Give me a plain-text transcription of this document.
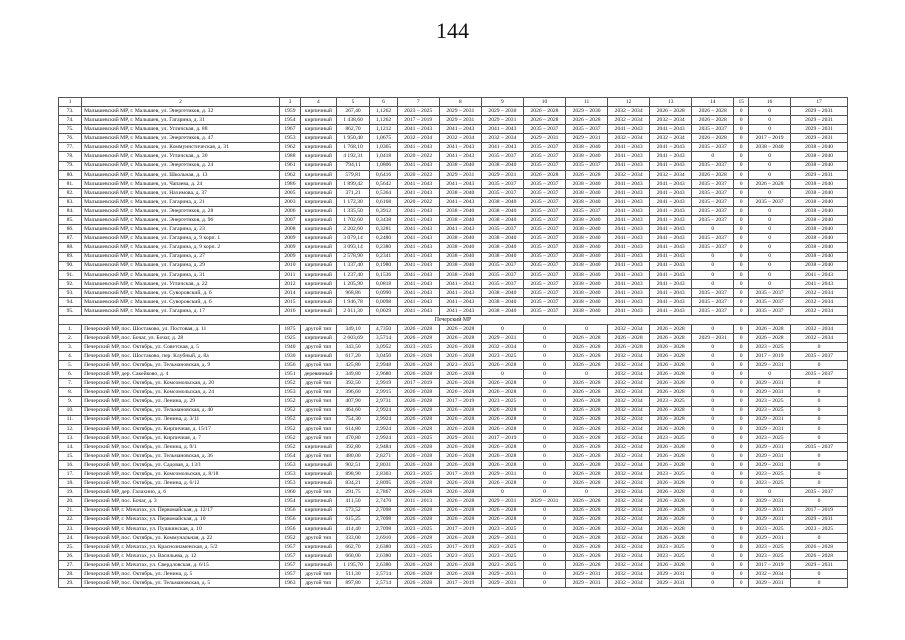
144
1	2	3	4	5	6	7	8	9	10	11	12	13	14	15	16	17
73.	Малышевский МР, г. Малышев, ул. Энергетиков, д. 32	1959	кирпичный	267,40	1,1262	2023 – 2025	2029 – 2031	2029 – 2030	2026 – 2028	2029 – 2030	2032 – 2034	2026 – 2028	2026 – 2028	0	0	2029 – 2031
74.	Малышевский МР, г. Малышев, ул. Гагарина, д. 31	1954	кирпичный	1 438,60	1,1262	2017 – 2019	2029 – 2031	2029 – 2031	2026 – 2028	2026 – 2028	2032 – 2034	2032 – 2034	2026 – 2028	0	0	2029 – 2031
75.	Малышевский МР, г. Малышев, ул. Угличская, д. 88	1967	кирпичный	862,70	1,1212	2041 – 2043	2041 – 2043	2041 – 2043	2035 – 2037	2035 – 2037	2041 – 2043	2041 – 2043	2035 – 2037	0	0	2029 – 2031
76.	Малышевский МР, г. Малышев, ул. Энергетиков, д. 47	1953	кирпичный	1 950,40	1,0675	2032 – 2034	2032 – 2034	2032 – 2034	2029 – 2031	2029 – 2031	2032 – 2034	2032 – 2034	2026 – 2028	0	2017 – 2019	2029 – 2031
77.	Малышевский МР, г. Малышев, ул. Коммунистическая, д. 31	1962	кирпичный	1 768,10	1,0365	2041 – 2043	2041 – 2043	2041 – 2043	2035 – 2037	2038 – 2040	2041 – 2043	2041 – 2043	2035 – 2037	0	2038 – 2040	2038 – 2040
78.	Малышевский МР, г. Малышев, ул. Угличская, д. 30	1988	кирпичный	4 192,31	1,0418	2020 – 2022	2041 – 2043	2035 – 2037	2035 – 2037	2038 – 2040	2041 – 2043	2041 – 2043	0	0	0	2038 – 2040
79.	Малышевский МР, г. Малышев, ул. Энергетиков, д. 24	1961	кирпичный	794,11	1,0806	2041 – 2043	2038 – 2040	2038 – 2040	2035 – 2037	2035 – 2037	2041 – 2043	2041 – 2043	2035 – 2037	0	0	2038 – 2040
80.	Малышевский МР, г. Малышев, ул. Школьная, д. 13	1962	кирпичный	579,81	0,6416	2020 – 2022	2029 – 2031	2029 – 2031	2026 – 2028	2026 – 2028	2032 – 2034	2032 – 2034	2026 – 2028	0	0	2029 – 2031
81.	Малышевский МР, г. Малышев, ул. Чапаева, д. 24	1986	кирпичный	1 899,42	0,5642	2041 – 2043	2041 – 2043	2035 – 2037	2035 – 2037	2038 – 2040	2041 – 2043	2041 – 2043	2035 – 2037	0	2026 – 2028	2038 – 2040
82.	Малышевский МР, г. Малышев, ул. Нахимова, д. 37	2005	кирпичный	371,21	0,5364	2041 – 2043	2038 – 2040	2035 – 2037	2035 – 2037	2038 – 2040	2041 – 2043	2041 – 2043	2035 – 2037	0	0	2038 – 2040
83.	Малышевский МР, г. Малышев, ул. Гагарина, д. 21	2003	кирпичный	1 172,30	0,6168	2020 – 2022	2041 – 2043	2038 – 2040	2035 – 2037	2038 – 2040	2041 – 2043	2041 – 2043	2035 – 2037	0	2035 – 2037	2038 – 2040
84.	Малышевский МР, г. Малышев, ул. Энергетиков, д. 28	2006	кирпичный	1 335,50	0,3912	2041 – 2043	2038 – 2040	2038 – 2040	2035 – 2037	2035 – 2037	2041 – 2043	2041 – 2043	2035 – 2037	0	0	2038 – 2040
85.	Малышевский МР, г. Малышев, ул. Энергетиков, д. 96	2007	кирпичный	1 702,60	0,3438	2041 – 2043	2038 – 2040	2038 – 2040	2035 – 2037	2038 – 2040	2041 – 2043	2041 – 2043	2035 – 2037	0	0	2038 – 2040
86.	Малышевский МР, г. Малышев, ул. Гагарина, д. 23	2008	кирпичный	2 202,60	0,3281	2041 – 2043	2041 – 2043	2035 – 2037	2035 – 2037	2038 – 2040	2041 – 2043	2041 – 2043	0	0	0	2038 – 2040
87.	Малышевский МР, г. Малышев, ул. Гагарина, д. 9 корп. 1	2009	кирпичный	3 079,14	0,2480	2041 – 2043	2038 – 2040	2038 – 2040	2035 – 2037	2038 – 2040	2041 – 2043	2041 – 2043	2035 – 2037	0	0	2038 – 2040
88.	Малышевский МР, г. Малышев, ул. Гагарина, д. 9 корп. 2	2009	кирпичный	3 093,14	0,2380	2041 – 2043	2038 – 2040	2038 – 2040	2035 – 2037	2038 – 2040	2041 – 2043	2041 – 2043	2035 – 2037	0	0	2038 – 2040
89.	Малышевский МР, г. Малышев, ул. Гагарина, д. 27	2009	кирпичный	2 578,90	0,2341	2041 – 2043	2038 – 2040	2038 – 2040	2035 – 2037	2038 – 2040	2041 – 2043	2041 – 2043	0	0	0	2038 – 2040
90.	Малышевский МР, г. Малышев, ул. Гагарина, д. 29	2010	кирпичный	1 337,40	0,1980	2041 – 2043	2038 – 2040	2035 – 2037	2035 – 2037	2038 – 2040	2041 – 2043	2041 – 2043	0	0	0	2038 – 2040
91.	Малышевский МР, г. Малышев, ул. Гагарина, д. 31	2011	кирпичный	1 237,40	0,1536	2041 – 2043	2038 – 2040	2035 – 2037	2035 – 2037	2038 – 2040	2041 – 2043	2041 – 2043	0	0	0	2041 – 2043
92.	Малышевский МР, г. Малышев, ул. Угличская, д. 22	2012	кирпичный	1 205,90	0,0818	2041 – 2043	2041 – 2043	2035 – 2037	2035 – 2037	2038 – 2040	2041 – 2043	2041 – 2043	0	0	0	2041 – 2043
93.	Малышевский МР, г. Малышев, ул. Суворовский, д. 6	2014	кирпичный	968,86	0,0990	2041 – 2043	2041 – 2043	2038 – 2040	2035 – 2037	2038 – 2040	2041 – 2043	2041 – 2043	2035 – 2037	0	2035 – 2037	2032 – 2034
94.	Малышевский МР, г. Малышев, ул. Суворовский, д. 6	2015	кирпичный	1 946,78	0,0098	2041 – 2043	2041 – 2043	2038 – 2040	2035 – 2037	2038 – 2040	2041 – 2043	2041 – 2043	2035 – 2037	0	2035 – 2037	2032 – 2034
95.	Малышевский МР, г. Малышев, ул. Гагарина, д. 17	2016	кирпичный	2 011,30	0,0029	2041 – 2043	2041 – 2043	2038 – 2040	2035 – 2037	2038 – 2040	2041 – 2043	2041 – 2043	2035 – 2037	0	2035 – 2037	2032 – 2034
Печерский МР																
1.	Печерский МР, пос. Шостаково, ул. Постовая, д. 11	1875	другой тип	349,10	4,7350	2026 – 2028	2026 – 2028	0	0	0	2032 – 2034	2026 – 2028	0	0	2026 – 2028	2032 – 2034
2.	Печерский МР, пос. Бочаг, ул. Бочаг, д. 28	1925	кирпичный	2 603,69	3,5714	2026 – 2028	2026 – 2028	2029 – 2031	0	2026 – 2028	2026 – 2028	2026 – 2028	2029 – 2031	0	2026 – 2028	2032 – 2034
3.	Печерский МР, пос. Октябрь, ул. Советская, д. 5	1940	другой тип	343,50	3,0952	2023 – 2025	2026 – 2028	2032 – 2034	0	2026 – 2028	2026 – 2028	2026 – 2028	0	0	2023 – 2025	0
4.	Печерский МР, пос. Шостаково, пер. Клубный, д. 8а	1930	кирпичный	617,20	3,0450	2026 – 2028	2026 – 2028	2023 – 2025	0	2026 – 2028	2032 – 2034	2026 – 2028	0	0	2017 – 2019	2035 – 2037
5.	Печерский МР, пос. Октябрь, ул. Тельмановская, д. 9	1956	другой тип	425,80	2,9948	2026 – 2028	2023 – 2025	2026 – 2028	0	2026 – 2028	2032 – 2034	2026 – 2028	0	0	2029 – 2031	0
6.	Печерский МР, дер. Сакейково, д. 4	1951	деревянный	349,80	2,9680	2026 – 2028	2026 – 2028	0	0	0	2032 – 2034	2026 – 2028	0	0	0	2035 – 2037
7.	Печерский МР, пос. Октябрь, ул. Комсомольская, д. 20	1952	другой тип	392,50	2,9919	2017 – 2019	2026 – 2028	2026 – 2028	0	2026 – 2028	2032 – 2034	2026 – 2028	0	0	2029 – 2031	0
8.	Печерский МР, пос. Октябрь, ул. Комсомольская, д. 24	1953	другой тип	396,60	2,9915	2026 – 2028	2026 – 2028	2026 – 2028	0	2026 – 2028	2032 – 2034	2026 – 2028	0	0	2029 – 2031	0
9.	Печерский МР, пос. Октябрь, ул. Ленина, д. 29	1952	другой тип	407,90	2,9731	2026 – 2028	2017 – 2019	2023 – 2025	0	2026 – 2028	2032 – 2034	2023 – 2025	0	0	2023 – 2025	0
10.	Печерский МР, пос. Октябрь, ул. Тельмановская, д. 40	1952	другой тип	464,60	2,9924	2026 – 2028	2026 – 2028	2026 – 2028	0	2026 – 2028	2032 – 2034	2026 – 2028	0	0	2023 – 2025	0
11.	Печерский МР, пос. Октябрь, ул. Ленина, д. 3/11	1952	другой тип	754,30	2,9924	2026 – 2028	2026 – 2028	2026 – 2028	0	2026 – 2028	2032 – 2034	2026 – 2028	0	0	2029 – 2031	0
12.	Печерский МР, пос. Октябрь, ул. Кирпичная, д. 15/17	1952	другой тип	614,80	2,9924	2026 – 2028	2026 – 2028	2026 – 2028	0	2026 – 2028	2032 – 2034	2026 – 2028	0	0	2029 – 2031	0
13.	Печерский МР, пос. Октябрь, ул. Кирпичная, д. 7	1952	другой тип	470,80	2,9924	2023 – 2025	2029 – 2031	2017 – 2019	0	2026 – 2028	2032 – 2034	2023 – 2025	0	0	2023 – 2025	0
14.	Печерский МР, пос. Октябрь, ул. Ленина, д. 9/1	1952	кирпичный	392,80	2,9484	2026 – 2028	2026 – 2028	2026 – 2028	0	2026 – 2028	2032 – 2034	2026 – 2028	0	0	2029 – 2031	2035 – 2037
15.	Печерский МР, пос. Октябрь, ул. Тельмановская, д. 36	1954	другой тип	480,00	2,8271	2026 – 2028	2026 – 2028	2026 – 2028	0	2026 – 2028	2032 – 2034	2026 – 2028	0	0	2029 – 2031	0
16.	Печерский МР, пос. Октябрь, ул. Садовая, д. 13/1	1953	кирпичный	902,51	2,8031	2026 – 2028	2026 – 2028	2026 – 2028	0	2026 – 2028	2032 – 2034	2026 – 2028	0	0	2029 – 2031	0
17.	Печерский МР, пос. Октябрь, ул. Комсомольская, д. 8/18	1953	кирпичный	898,90	2,8303	2023 – 2025	2017 – 2019	2029 – 2031	0	2026 – 2028	2032 – 2034	2023 – 2025	0	0	2023 – 2025	0
18.	Печерский МР, пос. Октябрь, ул. Ленина, д. 6/12	1953	кирпичный	834,21	2,8095	2026 – 2028	2026 – 2028	2026 – 2028	0	2026 – 2028	2032 – 2034	2026 – 2028	0	0	2023 – 2025	0
19.	Печерский МР, дер. Галахино, д. 6	1960	другой тип	291,75	2,7867	2026 – 2028	2026 – 2028	0	0	0	2032 – 2034	2026 – 2028	0	0	0	2035 – 2037
20.	Печерский МР, пос. Бочаг, д. 3	1954	кирпичный	411,50	2,7470	2011 – 2013	2026 – 2028	2029 – 2031	2029 – 2031	2026 – 2028	2032 – 2034	2026 – 2028	0	0	2029 – 2031	0
21.	Печерский МР, г. Мичатах, ул. Первомайская, д. 12/17	1956	кирпичный	573,52	2,7098	2026 – 2028	2026 – 2028	2026 – 2028	0	2026 – 2028	2032 – 2034	2026 – 2028	0	0	2029 – 2031	2017 – 2019
22.	Печерский МР, г. Мичатах, ул. Первомайская, д. 10	1956	кирпичный	615,25	2,7098	2026 – 2028	2026 – 2028	2026 – 2028	0	2026 – 2028	2032 – 2034	2026 – 2028	0	0	2029 – 2031	2029 – 2031
23.	Печерский МР, г. Мичатах, ул. Пушкинская, д. 10	1956	кирпичный	414,40	2,7098	2023 – 2025	2017 – 2019	2023 – 2025	0	2026 – 2028	2032 – 2034	2026 – 2028	0	0	2023 – 2025	2023 – 2025
24.	Печерский МР, пос. Октябрь, ул. Коммунальная, д. 22	1952	другой тип	333,00	2,6910	2026 – 2028	2026 – 2028	2029 – 2031	0	2026 – 2028	2032 – 2034	2026 – 2028	0	0	2029 – 2031	0
25.	Печерский МР, г. Мичатах, ул. Краснознаменская, д. 5/2	1957	кирпичный	662,70	2,6380	2023 – 2025	2017 – 2019	2023 – 2025	0	2026 – 2028	2032 – 2034	2023 – 2025	0	0	2023 – 2025	2026 – 2028
26.	Печерский МР, г. Мичатах, ул. Васильева, д. 12	1957	кирпичный	660,00	2,6380	2023 – 2025	2023 – 2025	2023 – 2025	0	2026 – 2028	2032 – 2034	2023 – 2025	0	0	2023 – 2025	2026 – 2028
27.	Печерский МР, г. Мичатах, ул. Свердловская, д. 6/15	1957	кирпичный	1 195,70	2,6380	2026 – 2028	2026 – 2028	2023 – 2025	0	2026 – 2028	2032 – 2034	2026 – 2028	0	0	2017 – 2019	2029 – 2031
28.	Печерский МР, пос. Октябрь, ул. Ленина, д. 5	1957	другой тип	511,30	2,5714	2026 – 2028	2026 – 2028	2029 – 2031	0	2029 – 2031	2032 – 2034	2029 – 2031	0	0	2032 – 2034	0
29.	Печерский МР, пос. Октябрь, ул. Тельмановская, д. 5	1963	другой тип	897,80	2,5714	2026 – 2028	2017 – 2019	2029 – 2031	0	2029 – 2031	2032 – 2034	2029 – 2031	0	0	2029 – 2031	0
